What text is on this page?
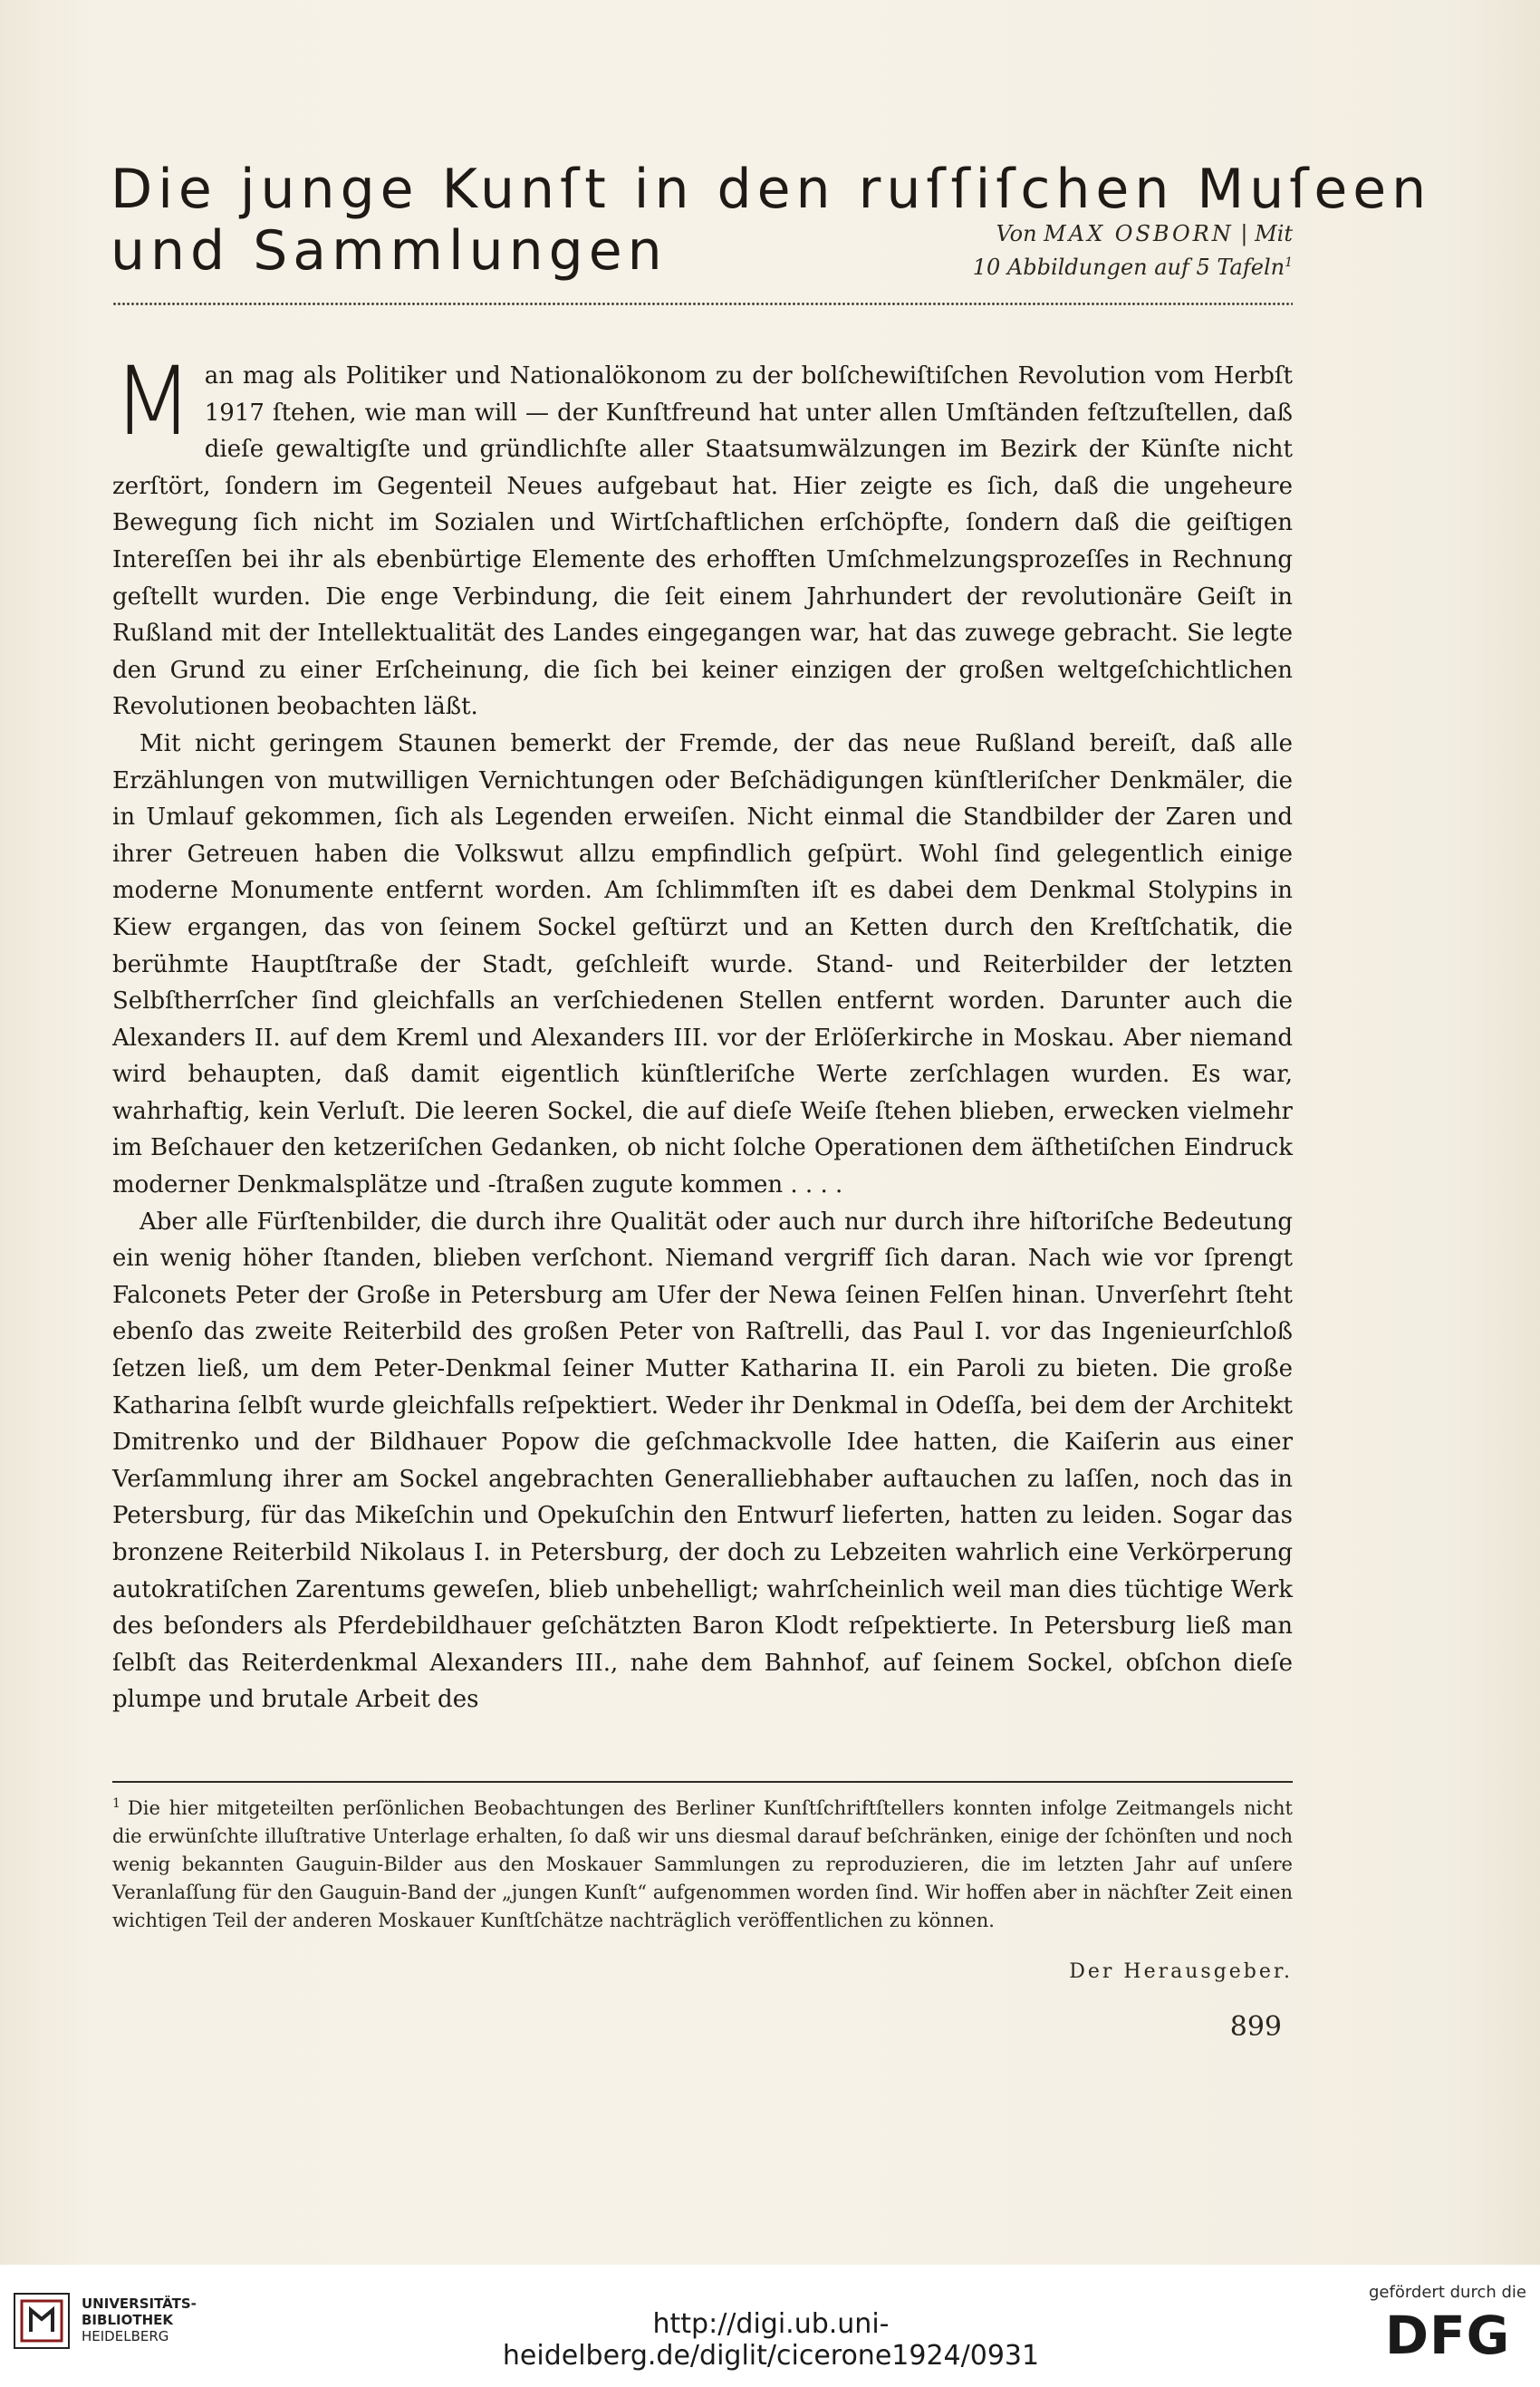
Die junge Kunſt in den ruſſiſchen Muſeen
und Sammlungen	Von MAX OSBORN | Mit
10 Abbildungen auf 5 Tafeln$^1$

Man mag als Politiker und Nationalökonom zu der bolſchewiſtiſchen Revolution vom Herbſt 1917 ſtehen, wie man will — der Kunſtfreund hat unter allen Umſtänden feſtzuſtellen, daß dieſe gewaltigſte und gründlichſte aller Staatsumwälzungen im Bezirk der Künſte nicht zerſtört, ſondern im Gegenteil Neues aufgebaut hat. Hier zeigte es ſich, daß die ungeheure Bewegung ſich nicht im Sozialen und Wirtſchaftlichen erſchöpfte, ſondern daß die geiſtigen Intereſſen bei ihr als ebenbürtige Elemente des erhofften Umſchmelzungsprozeſſes in Rechnung geſtellt wurden. Die enge Verbindung, die ſeit einem Jahrhundert der revolutionäre Geiſt in Rußland mit der Intellektualität des Landes eingegangen war, hat das zuwege gebracht. Sie legte den Grund zu einer Erſcheinung, die ſich bei keiner einzigen der großen weltgeſchichtlichen Revolutionen beobachten läßt.

Mit nicht geringem Staunen bemerkt der Fremde, der das neue Rußland bereiſt, daß alle Erzählungen von mutwilligen Vernichtungen oder Beſchädigungen künſtleriſcher Denkmäler, die in Umlauf gekommen, ſich als Legenden erweiſen. Nicht einmal die Standbilder der Zaren und ihrer Getreuen haben die Volkswut allzu empfindlich geſpürt. Wohl ſind gelegentlich einige moderne Monumente entfernt worden. Am ſchlimmſten iſt es dabei dem Denkmal Stolypins in Kiew ergangen, das von ſeinem Sockel geſtürzt und an Ketten durch den Kreſtſchatik, die berühmte Hauptſtraße der Stadt, geſchleift wurde. Stand- und Reiterbilder der letzten Selbſtherrſcher ſind gleichfalls an verſchiedenen Stellen entfernt worden. Darunter auch die Alexanders II. auf dem Kreml und Alexanders III. vor der Erlöſerkirche in Moskau. Aber niemand wird behaupten, daß damit eigentlich künſtleriſche Werte zerſchlagen wurden. Es war, wahrhaftig, kein Verluſt. Die leeren Sockel, die auf dieſe Weiſe ſtehen blieben, erwecken vielmehr im Beſchauer den ketzeriſchen Gedanken, ob nicht ſolche Operationen dem äſthetiſchen Eindruck moderner Denkmalsplätze und -ſtraßen zugute kommen . . . .

Aber alle Fürſtenbilder, die durch ihre Qualität oder auch nur durch ihre hiſtoriſche Bedeutung ein wenig höher ſtanden, blieben verſchont. Niemand vergriff ſich daran. Nach wie vor ſprengt Falconets Peter der Große in Petersburg am Ufer der Newa ſeinen Felſen hinan. Unverſehrt ſteht ebenſo das zweite Reiterbild des großen Peter von Raſtrelli, das Paul I. vor das Ingenieurſchloß ſetzen ließ, um dem Peter-Denkmal ſeiner Mutter Katharina II. ein Paroli zu bieten. Die große Katharina ſelbſt wurde gleichfalls reſpektiert. Weder ihr Denkmal in Odeſſa, bei dem der Architekt Dmitrenko und der Bildhauer Popow die geſchmackvolle Idee hatten, die Kaiſerin aus einer Verſammlung ihrer am Sockel angebrachten Generalliebhaber auftauchen zu laſſen, noch das in Petersburg, für das Mikeſchin und Opekuſchin den Entwurf lieferten, hatten zu leiden. Sogar das bronzene Reiterbild Nikolaus I. in Petersburg, der doch zu Lebzeiten wahrlich eine Verkörperung autokratiſchen Zarentums geweſen, blieb unbehelligt; wahrſcheinlich weil man dies tüchtige Werk des beſonders als Pferdebildhauer geſchätzten Baron Klodt reſpektierte. In Petersburg ließ man ſelbſt das Reiterdenkmal Alexanders III., nahe dem Bahnhof, auf ſeinem Sockel, obſchon dieſe plumpe und brutale Arbeit des

$^1$ Die hier mitgeteilten perſönlichen Beobachtungen des Berliner Kunſtſchriftſtellers konnten infolge Zeitmangels nicht die erwünſchte illuſtrative Unterlage erhalten, ſo daß wir uns diesmal darauf beſchränken, einige der ſchönſten und noch wenig bekannten Gauguin-Bilder aus den Moskauer Sammlungen zu reproduzieren, die im letzten Jahr auf unſere Veranlaſſung für den Gauguin-Band der „jungen Kunſt“ aufgenommen worden ſind. Wir hoffen aber in nächſter Zeit einen wichtigen Teil der anderen Moskauer Kunſtſchätze nachträglich veröffentlichen zu können.

Der Herausgeber.
899
UNIVERSITÄTS-
BIBLIOTHEK
HEIDELBERG	http://digi.ub.uni-heidelberg.de/diglit/cicerone1924/0931
gefördert durch die
DFG
